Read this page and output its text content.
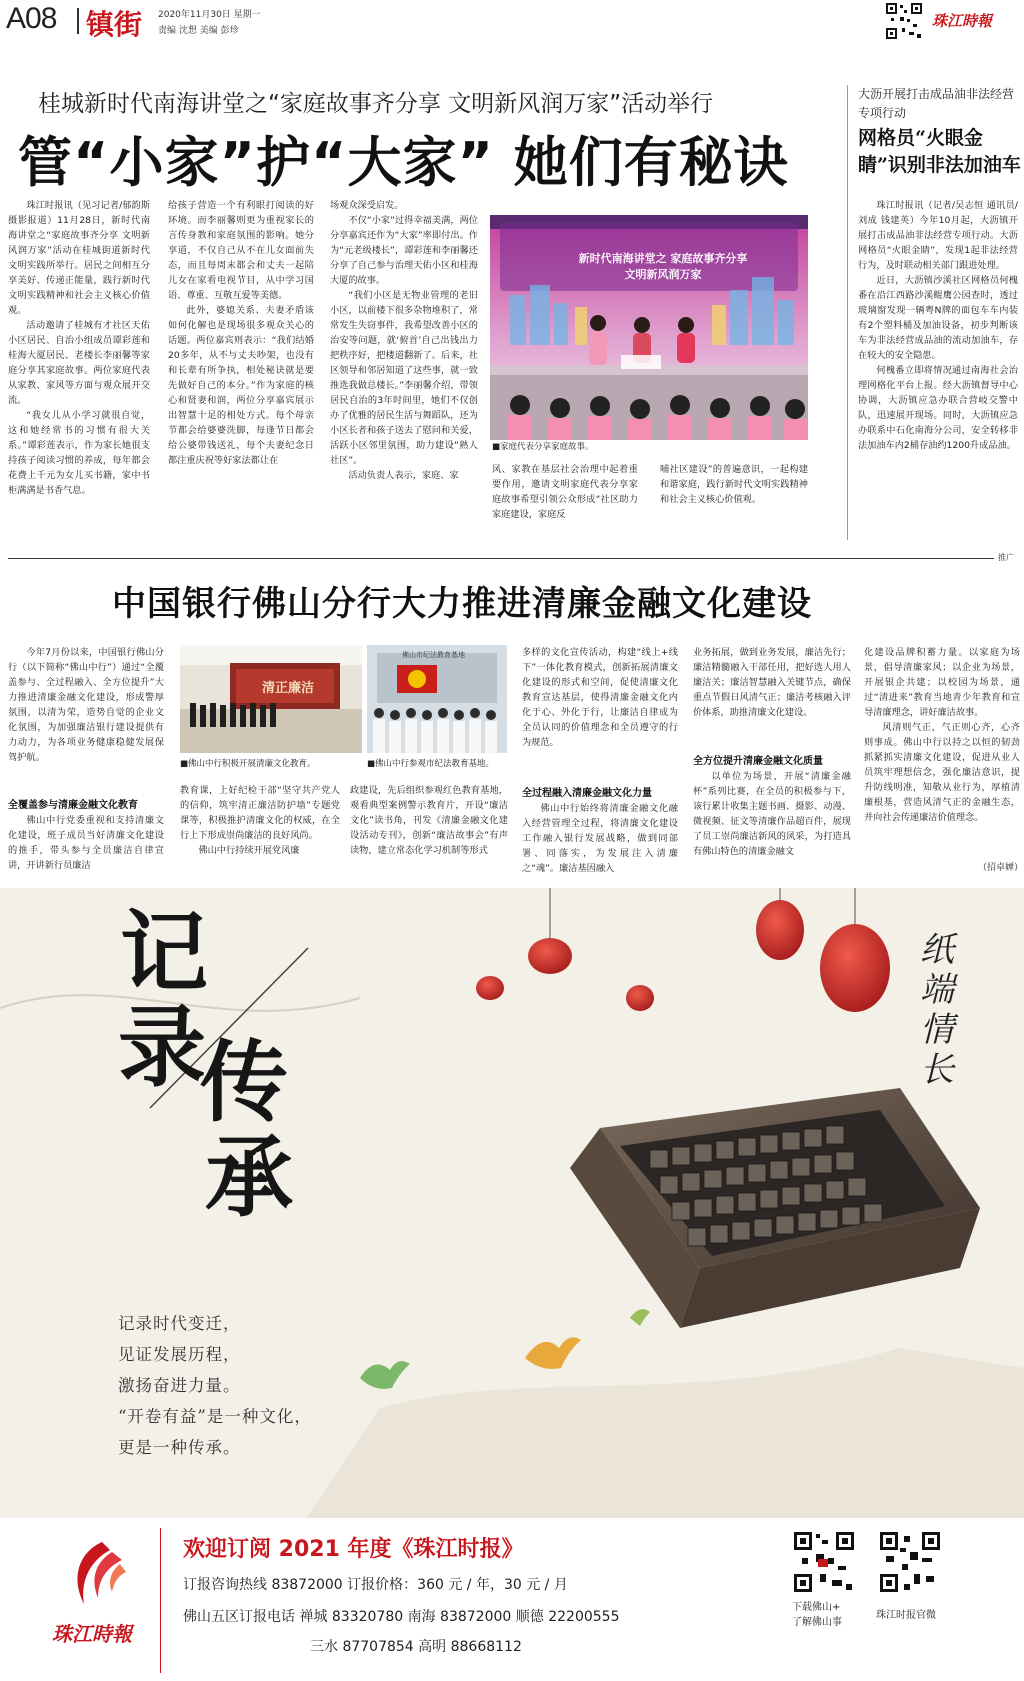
A08 镇街 2020年11月30日 星期一
责编 沈想 美编 彭珍
珠江時報
桂城新时代南海讲堂之“家庭故事齐分享 文明新风润万家”活动举行
管“小家”护“大家” 她们有秘诀

珠江时报讯（见习记者/郁韵斯 摄影报道）11月28日，新时代南海讲堂之“家庭故事齐分享 文明新风润万家”活动在桂城街道新时代文明实践所举行。居民之间相互分享美好、传递正能量，践行新时代文明实践精神和社会主义核心价值观。

活动邀请了桂城有才社区天佑小区居民、自治小组成员谭彩莲和桂海大厦居民、老楼长李丽馨等家庭分享其家庭故事。两位家庭代表从家教、家风等方面与观众展开交流。

“我女儿从小学习就很自觉，这和她经常书的习惯有很大关系。”谭彩莲表示，作为家长她很支持孩子阅读习惯的养成，每年都会花费上千元为女儿买书籍，家中书柜满满是书香气息。

给孩子营造一个有利眼打阅读的好环境。而李丽馨则更为重视家长的言传身教和家庭氛围的影响。她分享道，不仅自己从不在儿女面前失态，而且每周末都会和丈夫一起陪儿女在家看电视节目，从中学习国语、尊重、互敬互爱等美德。

此外，婆媳关系、夫妻矛盾该如何化解也是现场很多观众关心的话题。两位嘉宾则表示：“我们结婚20多年，从不与丈夫吵架，也没有和长辈有所争执，相处秘诀就是要先做好自己的本分。”作为家庭的核心和贤妻和润，两位分享嘉宾展示出智慧十足的相处方式。每个母亲节都会给婆婆洗脚，每逢节日都会给公婆带钱送礼，每个夫妻纪念日都注重庆祝等好家法都让在

场观众深受启发。

不仅“小家”过得幸福美满，两位分享嘉宾还作为“大家”率即付出。作为“元老级楼长”，谭彩莲和李丽馨还分享了自己参与治理天佑小区和桂海大厦的故事。

“我们小区是无物业管理的老旧小区，以前楼下很多杂物堆积了，常常发生失窃事件，我希望改善小区的治安等问题，就‘俯首’自己出钱出力把秩序好，把楼道翻新了。后来，社区领导和邻居知道了这些事，就一致推选我做总楼长。”李丽馨介绍，带领居民自治的3年时间里，她们不仅创办了优雅的居民生活与舞蹈队，还为小区长者和孩子送去了慰问和关爱，活跃小区邻里氛围，助力建设“熟人社区”。

活动负责人表示，家庭、家

新时代南海讲堂之 家庭故事齐分享 文明新风润万家
■家庭代表分享家庭故事。

风、家教在基层社会治理中起着重要作用，邀请文明家庭代表分享家庭故事希望引领公众形成“社区助力家庭建设，家庭反

哺社区建设”的普遍意识，一起构建和谐家庭，践行新时代文明实践精神和社会主义核心价值观。

大沥开展打击成品油非法经营专项行动
网格员“火眼金睛”识别非法加油车

珠江时报讯（记者/吴志恒 通讯员/刘成 钱建英）今年10月起，大沥镇开展打击成品油非法经营专项行动。大沥网格员“火眼金睛”，发现1起非法经营行为，及时联动相关部门跟进处理。

近日，大沥镇沙溪社区网格员何槐番在沿江西路沙溪鲲鹰公园查时，透过玻璃窗发现一辆粤N牌的面包车车内装有2个塑料桶及加油设备，初步判断该车为非法经营成品油的流动加油车，存在较大的安全隐患。

何槐番立即将情况通过南海社会治理网格化平台上报。经大沥镇督导中心协调，大沥镇应急办联合营岐交警中队，迅速展开现场。同时，大沥镇应急办联系中石化南海分公司，安全转移非法加油车内2桶存油约1200升成品油。

推广
中国银行佛山分行大力推进清廉金融文化建设

今年7月份以来，中国银行佛山分行（以下简称“佛山中行”）通过“全覆盖参与、全过程融入、全方位提升”大力推进清廉金融文化建设，形成警厚氛围，以清为荣，造势自觉的企业文化氛围，为加强廉洁银行建设提供有力动力，为各项业务健康稳健发展保驾护航。

全覆盖参与清廉金融文化教育

佛山中行党委重视和支持清廉文化建设，班子成员当好清廉文化建设的推手，带头参与全员廉洁自律宣讲，开讲新行员廉洁

清正廉洁
佛山市纪法教育基地
■佛山中行积极开展清廉文化教育。	■佛山中行参观市纪法教育基地。

教育课，上好纪检干部“坚守共产党人的信仰，筑牢清正廉洁防护墙”专题党课等，积极推护清廉文化的权威，在全行上下形成崇尚廉洁的良好风尚。

佛山中行持续开展党风廉

政建设，先后组织参观红色教育基地，观看典型案例警示教育片，开设“廉洁文化”读书角，刊发《清廉金融文化建设活动专刊》，创新“廉洁故事会”有声读物，建立常态化学习机制等形式

多样的文化宣传活动，构建“线上+线下”一体化教育模式，创新拓展清廉文化建设的形式和空间，促使清廉文化教育宣达基层，使得清廉金融文化内化于心、外化于行，让廉洁自律成为全员认同的价值理念和全员遵守的行为规范。

全过程融入清廉金融文化力量

佛山中行始终将清廉金融文化融入经营管理全过程，将清廉文化建设工作融入银行发展战略，做到同部署、同落实，为发展注入清廉之“魂”。廉洁基因融入

业务拓展，做到业务发展，廉洁先行；廉洁精髓融入干部任用，把好选人用人廉洁关；廉洁智慧融入关键节点，确保重点节假日风清气正；廉洁考核融入评价体系，助推清廉文化建设。

全方位提升清廉金融文化质量

以单位为场景，开展“清廉金融杯”系列比赛，在全员的积极参与下，该行累计收集主题书画、摄影、动漫、微视频、征文等清廉作品超百件，展现了员工崇尚廉洁新风的风采，为打造具有佛山特色的清廉金融文

化建设品牌积蓄力量。以家庭为场景，倡导清廉家风；以企业为场景，开展银企共建；以校园为场景，通过“清进来”教育当地青少年教育和宣导清廉理念，讲好廉洁故事。

风清则气正，气正则心齐，心齐则事成。佛山中行以持之以恒的韧劲抓紧抓实清廉文化建设，促进从业人员筑牢理想信念，强化廉洁意识，提升防线明准，知敬从业行为，厚植清廉根基，营造风清气正的金融生态，并向社会传递廉洁价值理念。

（招卓婵）
记
录
传
承
纸端情长
记录时代变迁，
见证发展历程，
激扬奋进力量。
“开卷有益”是一种文化，
更是一种传承。
珠江時報
欢迎订阅 2021 年度《珠江时报》
订报咨询热线 83872000 订报价格：360 元 / 年，30 元 / 月
佛山五区订报电话 禅城 83320780 南海 83872000 顺德 22200555
三水 87707854 高明 88668112
下载佛山+
了解佛山事
珠江时报官微
